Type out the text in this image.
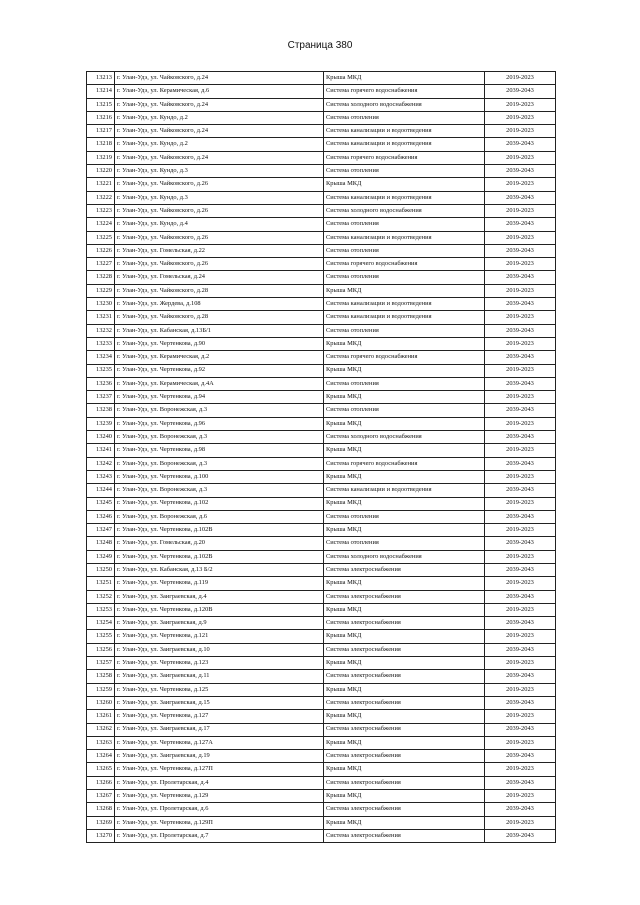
Страница 380
13213	г. Улан-Удэ, ул. Чайковского, д.24	Крыша МКД	2019-2023
13214	г. Улан-Удэ, ул. Керамическая, д.6	Система горячего водоснабжения	2039-2043
13215	г. Улан-Удэ, ул. Чайковского, д.24	Система холодного водоснабжения	2019-2023
13216	г. Улан-Удэ, ул. Кундо, д.2	Система отопления	2019-2023
13217	г. Улан-Удэ, ул. Чайковского, д.24	Система канализации и водоотведения	2019-2023
13218	г. Улан-Удэ, ул. Кундо, д.2	Система канализации и водоотведения	2039-2043
13219	г. Улан-Удэ, ул. Чайковского, д.24	Система горячего водоснабжения	2019-2023
13220	г. Улан-Удэ, ул. Кундо, д.3	Система отопления	2039-2043
13221	г. Улан-Удэ, ул. Чайковского, д.26	Крыша МКД	2019-2023
13222	г. Улан-Удэ, ул. Кундо, д.3	Система канализации и водоотведения	2039-2043
13223	г. Улан-Удэ, ул. Чайковского, д.26	Система холодного водоснабжения	2019-2023
13224	г. Улан-Удэ, ул. Кундо, д.4	Система отопления	2039-2043
13225	г. Улан-Удэ, ул. Чайковского, д.26	Система канализации и водоотведения	2019-2023
13226	г. Улан-Удэ, ул. Гомельская, д.22	Система отопления	2039-2043
13227	г. Улан-Удэ, ул. Чайковского, д.26	Система горячего водоснабжения	2019-2023
13228	г. Улан-Удэ, ул. Гомельская, д.24	Система отопления	2039-2043
13229	г. Улан-Удэ, ул. Чайковского, д.28	Крыша МКД	2019-2023
13230	г. Улан-Удэ, ул. Жердева, д.108	Система канализации и водоотведения	2039-2043
13231	г. Улан-Удэ, ул. Чайковского, д.28	Система канализации и водоотведения	2019-2023
13232	г. Улан-Удэ, ул. Кабанская, д.13Б/1	Система отопления	2039-2043
13233	г. Улан-Удэ, ул. Чертенкова, д.90	Крыша МКД	2019-2023
13234	г. Улан-Удэ, ул. Керамическая, д.2	Система горячего водоснабжения	2039-2043
13235	г. Улан-Удэ, ул. Чертенкова, д.92	Крыша МКД	2019-2023
13236	г. Улан-Удэ, ул. Керамическая, д.4А	Система отопления	2039-2043
13237	г. Улан-Удэ, ул. Чертенкова, д.94	Крыша МКД	2019-2023
13238	г. Улан-Удэ, ул. Воронежская, д.3	Система отопления	2039-2043
13239	г. Улан-Удэ, ул. Чертенкова, д.96	Крыша МКД	2019-2023
13240	г. Улан-Удэ, ул. Воронежская, д.3	Система холодного водоснабжения	2039-2043
13241	г. Улан-Удэ, ул. Чертенкова, д.98	Крыша МКД	2019-2023
13242	г. Улан-Удэ, ул. Воронежская, д.3	Система горячего водоснабжения	2039-2043
13243	г. Улан-Удэ, ул. Чертенкова, д.100	Крыша МКД	2019-2023
13244	г. Улан-Удэ, ул. Воронежская, д.3	Система канализации и водоотведения	2039-2043
13245	г. Улан-Удэ, ул. Чертенкова, д.102	Крыша МКД	2019-2023
13246	г. Улан-Удэ, ул. Воронежская, д.6	Система отопления	2039-2043
13247	г. Улан-Удэ, ул. Чертенкова, д.102В	Крыша МКД	2019-2023
13248	г. Улан-Удэ, ул. Гомельская, д.20	Система отопления	2039-2043
13249	г. Улан-Удэ, ул. Чертенкова, д.102В	Система холодного водоснабжения	2019-2023
13250	г. Улан-Удэ, ул. Кабанская, д.13 Б/2	Система электроснабжения	2039-2043
13251	г. Улан-Удэ, ул. Чертенкова, д.119	Крыша МКД	2019-2023
13252	г. Улан-Удэ, ул. Заиграевская, д.4	Система электроснабжения	2039-2043
13253	г. Улан-Удэ, ул. Чертенкова, д.120В	Крыша МКД	2019-2023
13254	г. Улан-Удэ, ул. Заиграевская, д.9	Система электроснабжения	2039-2043
13255	г. Улан-Удэ, ул. Чертенкова, д.121	Крыша МКД	2019-2023
13256	г. Улан-Удэ, ул. Заиграевская, д.10	Система электроснабжения	2039-2043
13257	г. Улан-Удэ, ул. Чертенкова, д.123	Крыша МКД	2019-2023
13258	г. Улан-Удэ, ул. Заиграевская, д.11	Система электроснабжения	2039-2043
13259	г. Улан-Удэ, ул. Чертенкова, д.125	Крыша МКД	2019-2023
13260	г. Улан-Удэ, ул. Заиграевская, д.15	Система электроснабжения	2039-2043
13261	г. Улан-Удэ, ул. Чертенкова, д.127	Крыша МКД	2019-2023
13262	г. Улан-Удэ, ул. Заиграевская, д.17	Система электроснабжения	2039-2043
13263	г. Улан-Удэ, ул. Чертенкова, д.127А	Крыша МКД	2019-2023
13264	г. Улан-Удэ, ул. Заиграевская, д.19	Система электроснабжения	2039-2043
13265	г. Улан-Удэ, ул. Чертенкова, д.127П	Крыша МКД	2019-2023
13266	г. Улан-Удэ, ул. Пролетарская, д.4	Система электроснабжения	2039-2043
13267	г. Улан-Удэ, ул. Чертенкова, д.129	Крыша МКД	2019-2023
13268	г. Улан-Удэ, ул. Пролетарская, д.6	Система электроснабжения	2039-2043
13269	г. Улан-Удэ, ул. Чертенкова, д.129П	Крыша МКД	2019-2023
13270	г. Улан-Удэ, ул. Пролетарская, д.7	Система электроснабжения	2039-2043
